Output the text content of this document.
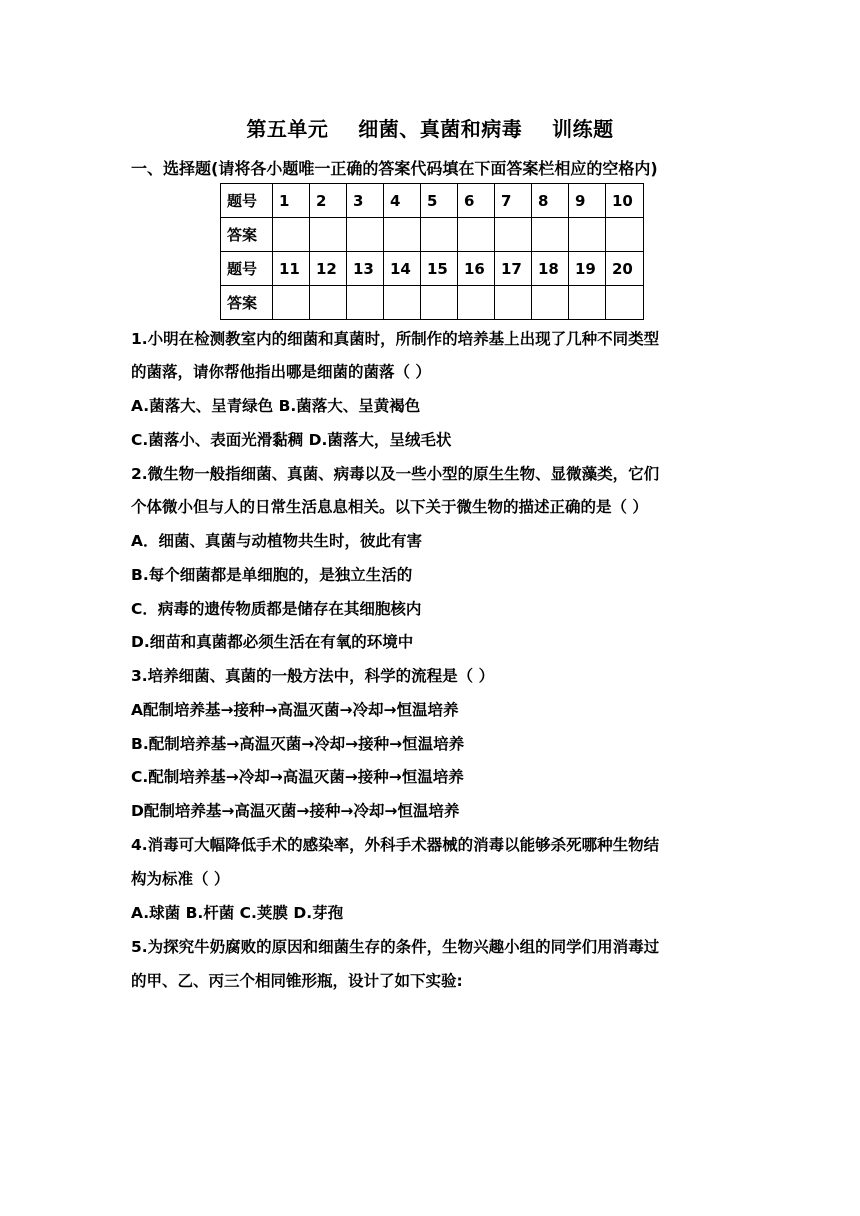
第五单元    细菌、真菌和病毒    训练题
一、选择题(请将各小题唯一正确的答案代码填在下面答案栏相应的空格内)
题号	1	2	3	4	5	6	7	8	9	10
答案										
题号	11	12	13	14	15	16	17	18	19	20
答案										
1.小明在检测教室内的细菌和真菌时，所制作的培养基上出现了几种不同类型
的菌落，请你帮他指出哪是细菌的菌落（ ）
A.菌落大、呈青绿色 B.菌落大、呈黄褐色
C.菌落小、表面光滑黏稠 D.菌落大，呈绒毛状
2.微生物一般指细菌、真菌、病毒以及一些小型的原生生物、显微藻类，它们
个体微小但与人的日常生活息息相关。以下关于微生物的描述正确的是（ ）
A．细菌、真菌与动植物共生时，彼此有害
B.每个细菌都是单细胞的，是独立生活的
C．病毒的遗传物质都是储存在其细胞核内
D.细苗和真菌都必须生活在有氧的环境中
3.培养细菌、真菌的一般方法中，科学的流程是（ ）
A配制培养基→接种→高温灭菌→冷却→恒温培养
B.配制培养基→高温灭菌→冷却→接种→恒温培养
C.配制培养基→冷却→高温灭菌→接种→恒温培养
D配制培养基→高温灭菌→接种→冷却→恒温培养
4.消毒可大幅降低手术的感染率，外科手术器械的消毒以能够杀死哪种生物结
构为标准（ ）
A.球菌 B.杆菌 C.荚膜 D.芽孢
5.为探究牛奶腐败的原因和细菌生存的条件，生物兴趣小组的同学们用消毒过
的甲、乙、丙三个相同锥形瓶，设计了如下实验:
